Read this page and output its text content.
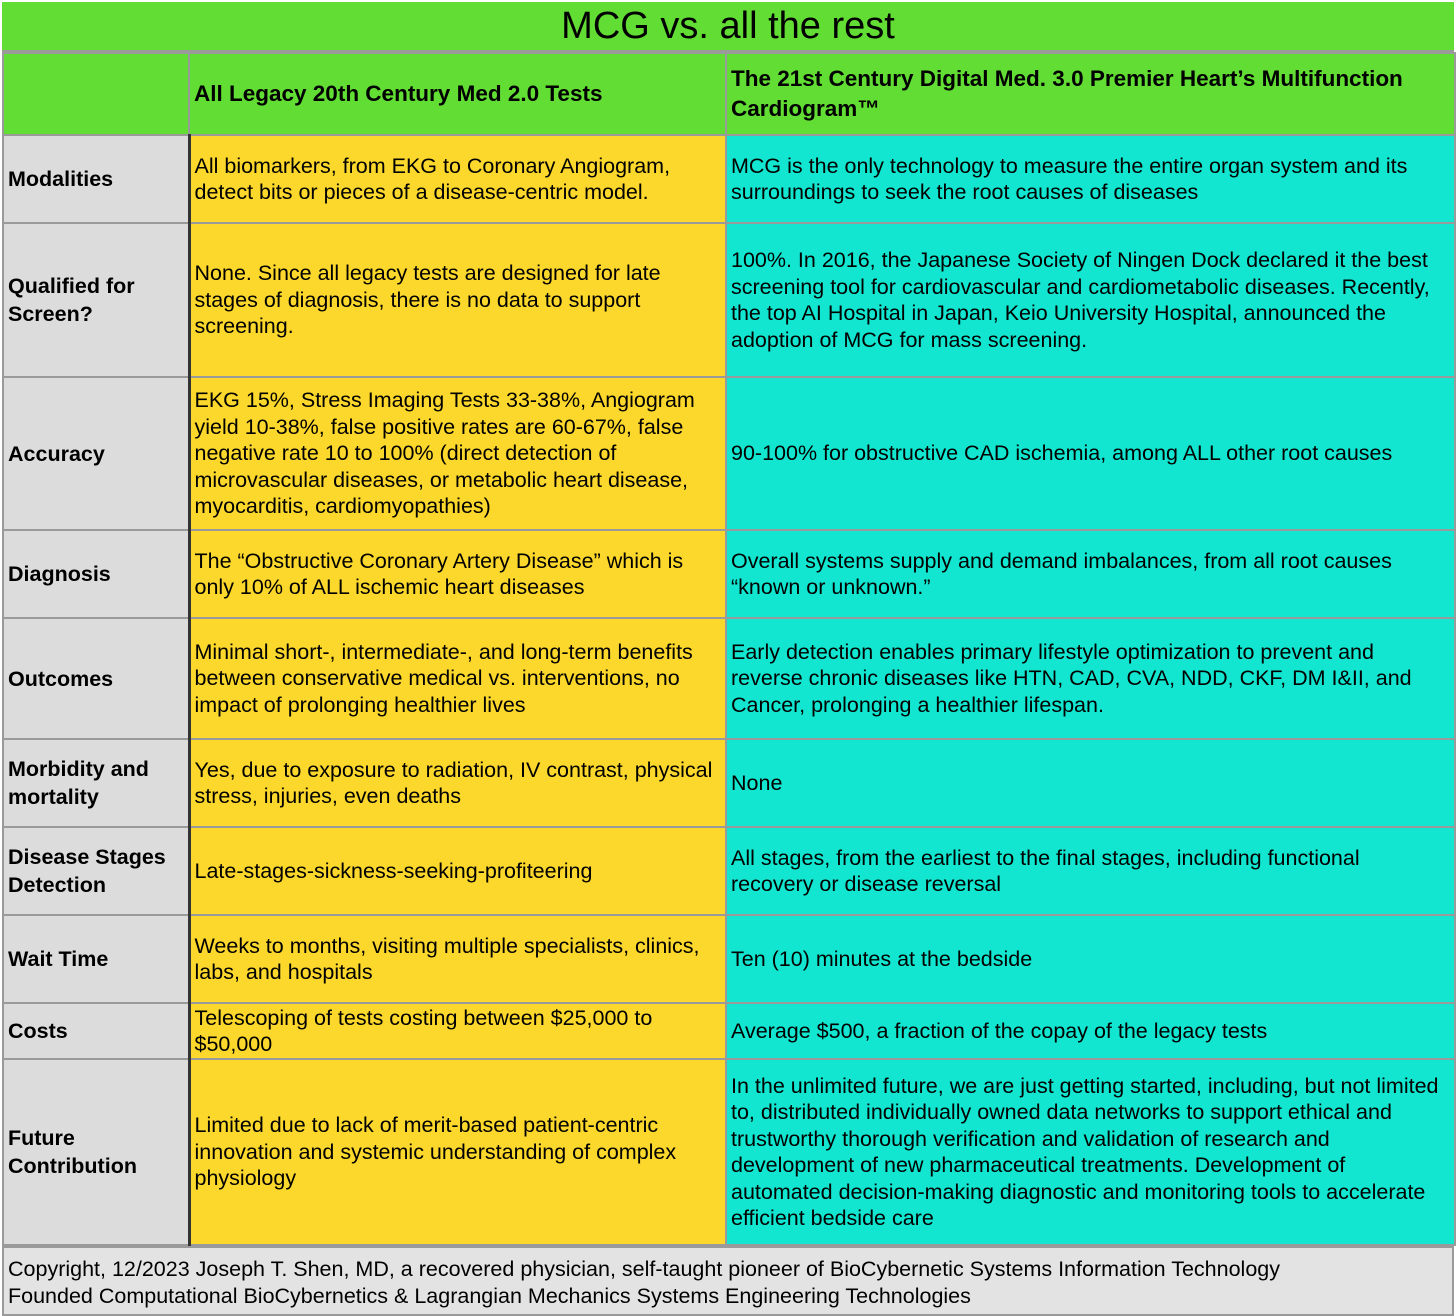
MCG vs. all the rest
	All Legacy 20th Century Med 2.0 Tests	The 21st Century Digital Med. 3.0 Premier Heart’s Multifunction Cardiogram™
Modalities	All biomarkers, from EKG to Coronary Angiogram, detect bits or pieces of a disease-centric model.	MCG is the only technology to measure the entire organ system and its surroundings to seek the root causes of diseases
Qualified for Screen?	None. Since all legacy tests are designed for late stages of diagnosis, there is no data to support screening.	100%. In 2016, the Japanese Society of Ningen Dock declared it the best screening tool for cardiovascular and cardiometabolic diseases. Recently, the top AI Hospital in Japan, Keio University Hospital, announced the adoption of MCG for mass screening.
Accuracy	EKG 15%, Stress Imaging Tests 33-38%, Angiogram yield 10-38%, false positive rates are 60-67%, false negative rate 10 to 100% (direct detection of microvascular diseases, or metabolic heart disease, myocarditis, cardiomyopathies)	90-100% for obstructive CAD ischemia, among ALL other root causes
Diagnosis	The “Obstructive Coronary Artery Disease” which is only 10% of ALL ischemic heart diseases	Overall systems supply and demand imbalances, from all root causes “known or unknown.”
Outcomes	Minimal short-, intermediate-, and long-term benefits between conservative medical vs. interventions, no impact of prolonging healthier lives	Early detection enables primary lifestyle optimization to prevent and reverse chronic diseases like HTN, CAD, CVA, NDD, CKF, DM I&II, and Cancer, prolonging a healthier lifespan.
Morbidity and mortality	Yes, due to exposure to radiation, IV contrast, physical stress, injuries, even deaths	None
Disease Stages Detection	Late-stages-sickness-seeking-profiteering	All stages, from the earliest to the final stages, including functional recovery or disease reversal
Wait Time	Weeks to months, visiting multiple specialists, clinics, labs, and hospitals	Ten (10) minutes at the bedside
Costs	Telescoping of tests costing between $25,000 to $50,000	Average $500, a fraction of the copay of the legacy tests
Future Contribution	Limited due to lack of merit-based patient-centric innovation and systemic understanding of complex physiology	In the unlimited future, we are just getting started, including, but not limited to, distributed individually owned data networks to support ethical and trustworthy thorough verification and validation of research and development of new pharmaceutical treatments. Development of automated decision-making diagnostic and monitoring tools to accelerate efficient bedside care
Copyright, 12/2023 Joseph T. Shen, MD, a recovered physician, self-taught pioneer of BioCybernetic Systems Information Technology
Founded Computational BioCybernetics & Lagrangian Mechanics Systems Engineering Technologies
